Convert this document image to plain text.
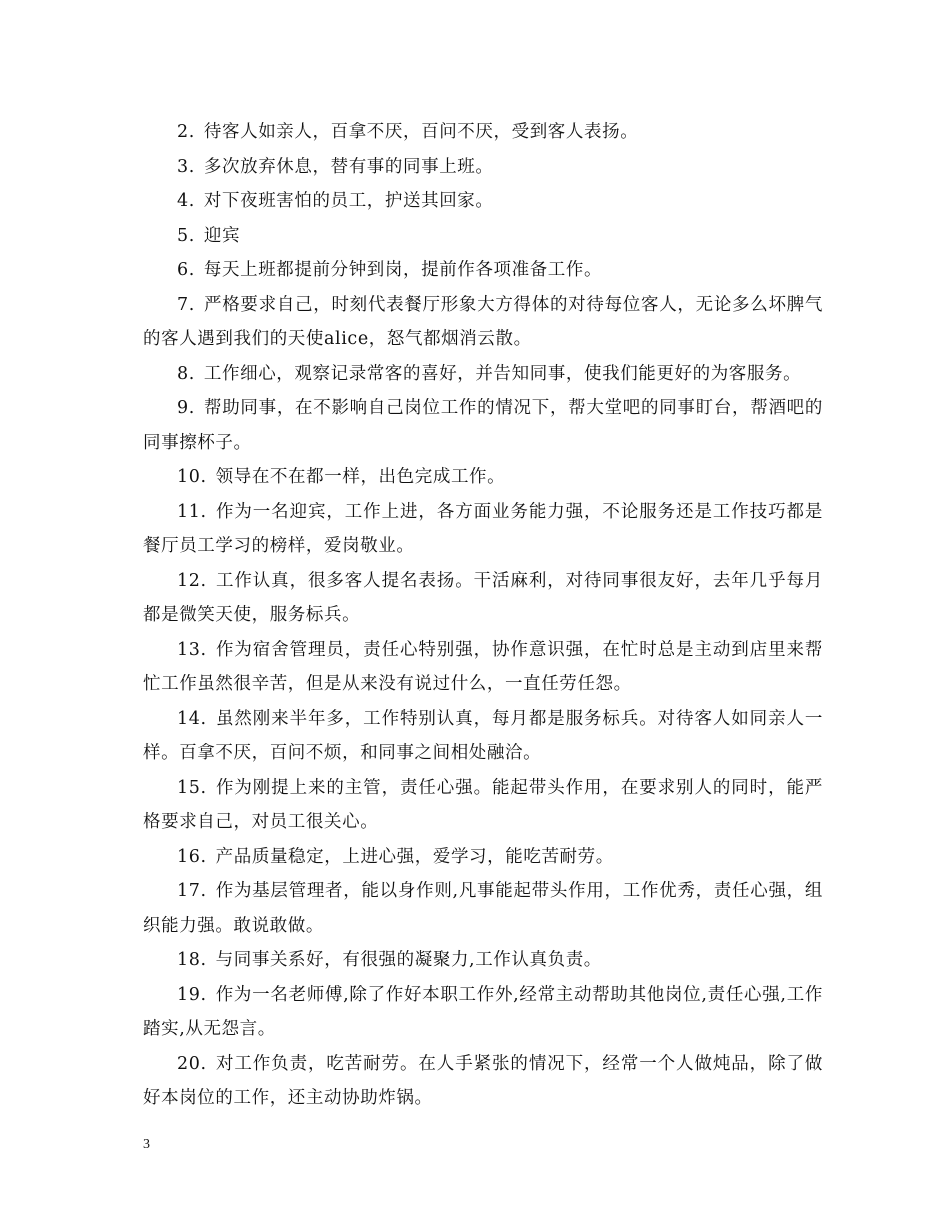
2. 待客人如亲人，百拿不厌，百问不厌，受到客人表扬。

3. 多次放弃休息，替有事的同事上班。

4. 对下夜班害怕的员工，护送其回家。

5. 迎宾

6. 每天上班都提前分钟到岗，提前作各项准备工作。

7. 严格要求自己，时刻代表餐厅形象大方得体的对待每位客人，无论多么坏脾气的客人遇到我们的天使alice，怒气都烟消云散。

8. 工作细心，观察记录常客的喜好，并告知同事，使我们能更好的为客服务。

9. 帮助同事，在不影响自己岗位工作的情况下，帮大堂吧的同事盯台，帮酒吧的同事擦杯子。

10. 领导在不在都一样，出色完成工作。

11. 作为一名迎宾，工作上进，各方面业务能力强，不论服务还是工作技巧都是餐厅员工学习的榜样，爱岗敬业。

12. 工作认真，很多客人提名表扬。干活麻利，对待同事很友好，去年几乎每月都是微笑天使，服务标兵。

13. 作为宿舍管理员，责任心特别强，协作意识强，在忙时总是主动到店里来帮忙工作虽然很辛苦，但是从来没有说过什么，一直任劳任怨。

14. 虽然刚来半年多，工作特别认真，每月都是服务标兵。对待客人如同亲人一样。百拿不厌，百问不烦，和同事之间相处融洽。

15. 作为刚提上来的主管，责任心强。能起带头作用，在要求别人的同时，能严格要求自己，对员工很关心。

16. 产品质量稳定，上进心强，爱学习，能吃苦耐劳。

17. 作为基层管理者，能以身作则,凡事能起带头作用，工作优秀，责任心强，组织能力强。敢说敢做。

18. 与同事关系好，有很强的凝聚力,工作认真负责。

19. 作为一名老师傅,除了作好本职工作外,经常主动帮助其他岗位,责任心强,工作踏实,从无怨言。

20. 对工作负责，吃苦耐劳。在人手紧张的情况下，经常一个人做炖品，除了做好本岗位的工作，还主动协助炸锅。

3
